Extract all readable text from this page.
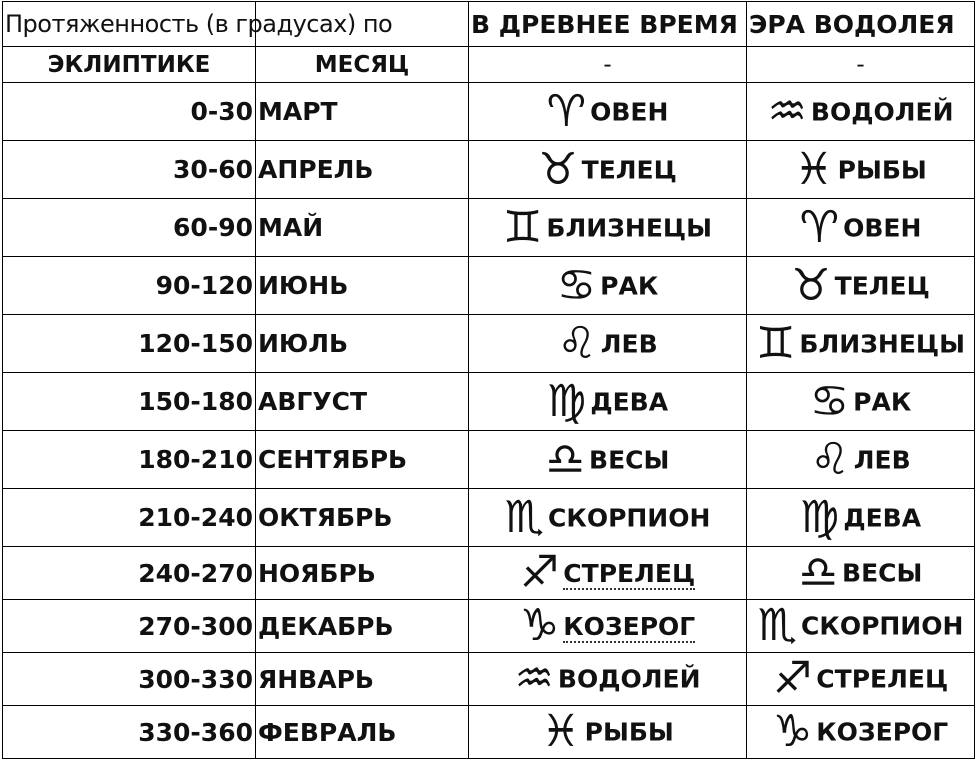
Протяженность (в градусах) по		В ДРЕВНЕЕ ВРЕМЯ	ЭРА ВОДОЛЕЯ
ЭКЛИПТИКЕ	МЕСЯЦ	-	-
0-30	МАРТ	♈ ОВЕН	♒ ВОДОЛЕЙ
30-60	АПРЕЛЬ	♉ ТЕЛЕЦ	♓ РЫБЫ
60-90	МАЙ	♊ БЛИЗНЕЦЫ	♈ ОВЕН
90-120	ИЮНЬ	♋ РАК	♉ ТЕЛЕЦ
120-150	ИЮЛЬ	♌ ЛЕВ	♊ БЛИЗНЕЦЫ
150-180	АВГУСТ	♍ ДЕВА	♋ РАК
180-210	СЕНТЯБРЬ	♎ ВЕСЫ	♌ ЛЕВ
210-240	ОКТЯБРЬ	♏ СКОРПИОН	♍ ДЕВА
240-270	НОЯБРЬ	♐ СТРЕЛЕЦ	♎ ВЕСЫ
270-300	ДЕКАБРЬ	♑ КОЗЕРОГ	♏ СКОРПИОН
300-330	ЯНВАРЬ	♒ ВОДОЛЕЙ	♐ СТРЕЛЕЦ
330-360	ФЕВРАЛЬ	♓ РЫБЫ	♑ КОЗЕРОГ
